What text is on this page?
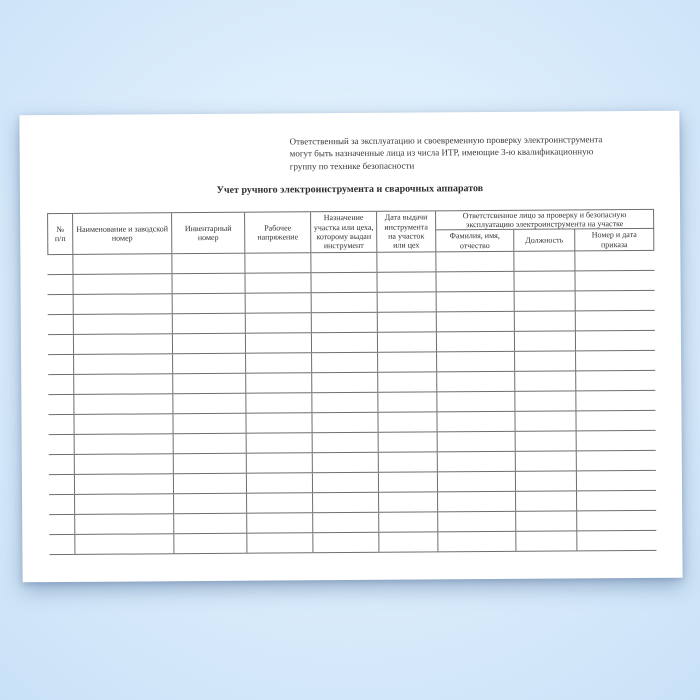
Ответственный за эксплуатацию и своевременную проверку электроинструмента
могут быть назначенные лица из числа ИТР, имеющие 3-ю квалификационную
группу по технике безопасности
Учет ручного электроинструмента и сварочных аппаратов
№
п/п
Наименование и заводской
номер
Инвентарный
номер
Рабочее
напряжение
Назначение
участка или цеха,
которому выдан
инструмент
Дата выдачи
инструмента
на участок
или цех
Ответстсвенное лицо за проверку и безопасную
эксплуатацию электроинструмента на участке
Фамилия, имя,
отчество
Должность
Номер и дата
приказа
